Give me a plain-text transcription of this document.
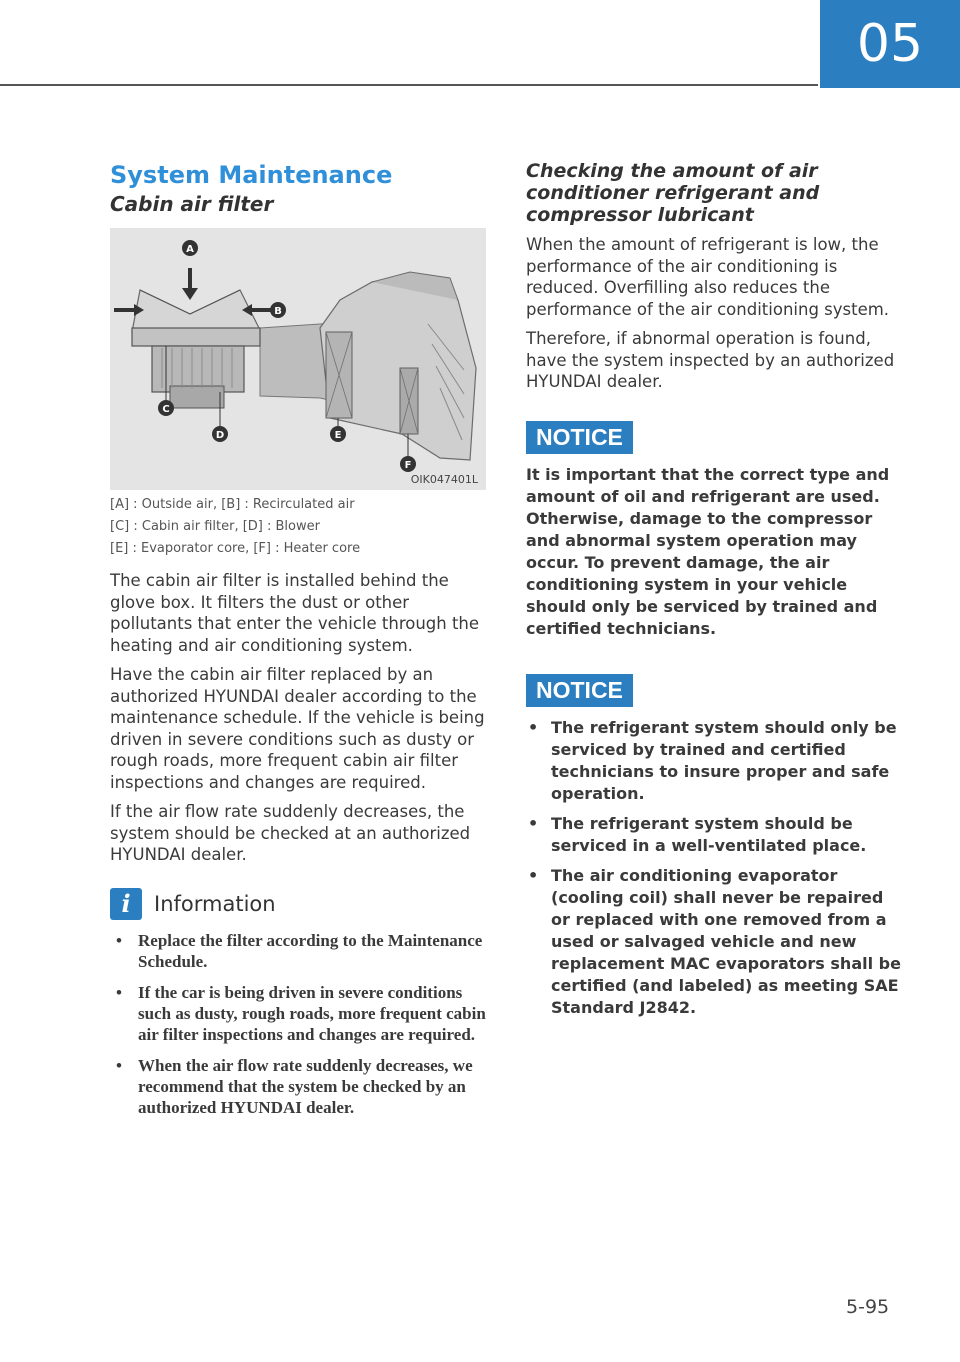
05
System Maintenance
Cabin air filter
A
B
C
D	E
F
OIK047401L
[A] : Outside air, [B] : Recirculated air
[C] : Cabin air filter, [D] : Blower
[E] : Evaporator core, [F] : Heater core

The cabin air filter is installed behind the glove box. It filters the dust or other pollutants that enter the vehicle through the heating and air conditioning system.

Have the cabin air filter replaced by an authorized HYUNDAI dealer according to the maintenance schedule. If the vehicle is being driven in severe conditions such as dusty or rough roads, more frequent cabin air filter inspections and changes are required.

If the air flow rate suddenly decreases, the system should be checked at an authorized HYUNDAI dealer.

i	Information
• Replace the filter according to the Maintenance Schedule.
• If the car is being driven in severe conditions such as dusty, rough roads, more frequent cabin air filter inspections and changes are required.
• When the air flow rate suddenly decreases, we recommend that the system be checked by an authorized HYUNDAI dealer.
Checking the amount of air
conditioner refrigerant and
compressor lubricant

When the amount of refrigerant is low, the performance of the air conditioning is reduced. Overfilling also reduces the performance of the air conditioning system.

Therefore, if abnormal operation is found, have the system inspected by an authorized HYUNDAI dealer.

NOTICE

It is important that the correct type and amount of oil and refrigerant are used. Otherwise, damage to the compressor and abnormal system operation may occur. To prevent damage, the air conditioning system in your vehicle should only be serviced by trained and certified technicians.

NOTICE
• The refrigerant system should only be serviced by trained and certified technicians to insure proper and safe operation.
• The refrigerant system should be serviced in a well-ventilated place.
• The air conditioning evaporator (cooling coil) shall never be repaired or replaced with one removed from a used or salvaged vehicle and new replacement MAC evaporators shall be certified (and labeled) as meeting SAE Standard J2842.
5-95
